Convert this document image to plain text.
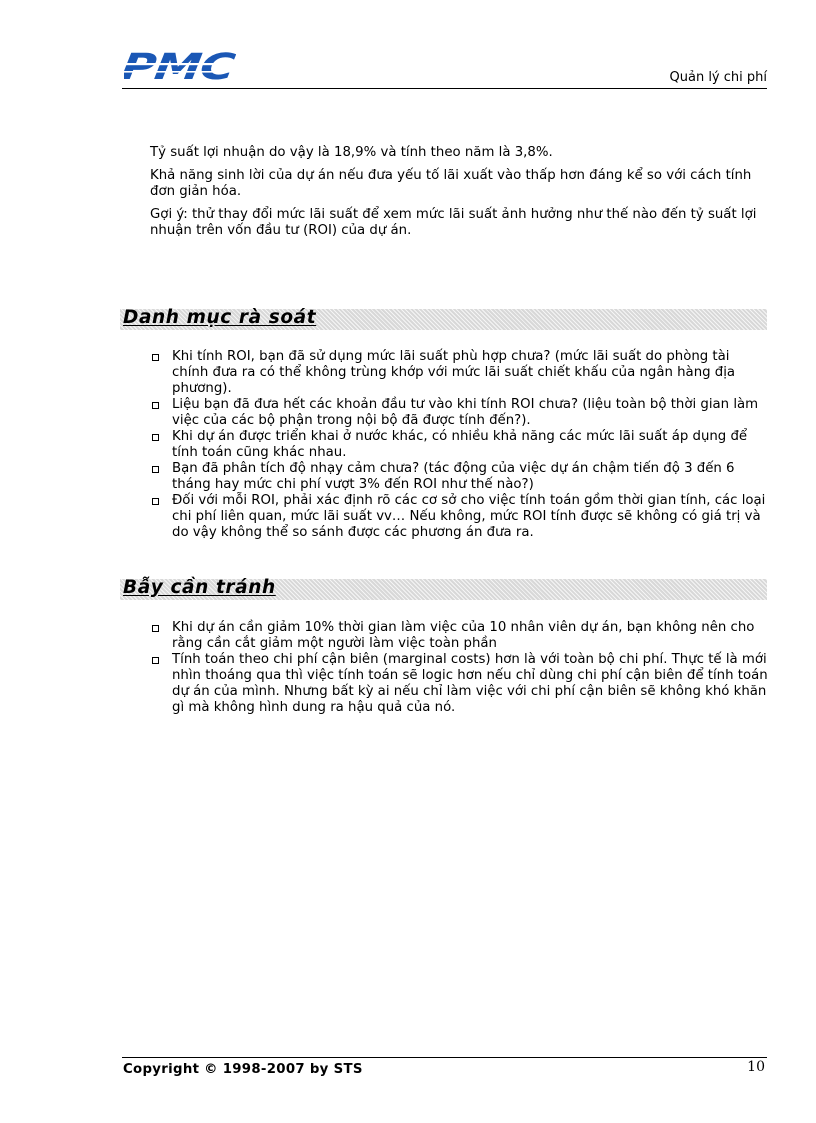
PMC	Quản lý chi phí

Tỷ suất lợi nhuận do vậy là 18,9% và tính theo năm là 3,8%.

Khả năng sinh lời của dự án nếu đưa yếu tố lãi xuất vào thấp hơn đáng kể so với cách tính đơn giản hóa.

Gợi ý: thử thay đổi mức lãi suất để xem mức lãi suất ảnh hưởng như thế nào đến tỷ suất lợi nhuận trên vốn đầu tư (ROI) của dự án.

Danh mục rà soát
Khi tính ROI, bạn đã sử dụng mức lãi suất phù hợp chưa? (mức lãi suất do phòng tài chính đưa ra có thể không trùng khớp với mức lãi suất chiết khấu của ngân hàng địa phương).
Liệu bạn đã đưa hết các khoản đầu tư vào khi tính ROI chưa? (liệu toàn bộ thời gian làm việc của các bộ phận trong nội bộ đã được tính đến?).
Khi dự án được triển khai ở nước khác, có nhiều khả năng các mức lãi suất áp dụng để tính toán cũng khác nhau.
Bạn đã phân tích độ nhạy cảm chưa? (tác động của việc dự án chậm tiến độ 3 đến 6 tháng hay mức chi phí vượt 3% đến ROI như thế nào?)
Đối với mỗi ROI, phải xác định rõ các cơ sở cho việc tính toán gồm thời gian tính, các loại chi phí liên quan, mức lãi suất vv… Nếu không, mức ROI tính được sẽ không có giá trị và do vậy không thể so sánh được các phương án đưa ra.
Bẫy cần tránh
Khi dự án cần giảm 10% thời gian làm việc của 10 nhân viên dự án, bạn không nên cho rằng cần cắt giảm một người làm việc toàn phần
Tính toán theo chi phí cận biên (marginal costs) hơn là với toàn bộ chi phí. Thực tế là mới nhìn thoáng qua thì việc tính toán sẽ logic hơn nếu chỉ dùng chi phí cận biên để tính toán dự án của mình. Nhưng bất kỳ ai nếu chỉ làm việc với chi phí cận biên sẽ không khó khăn gì mà không hình dung ra hậu quả của nó.
Copyright © 1998-2007 by STS	10
